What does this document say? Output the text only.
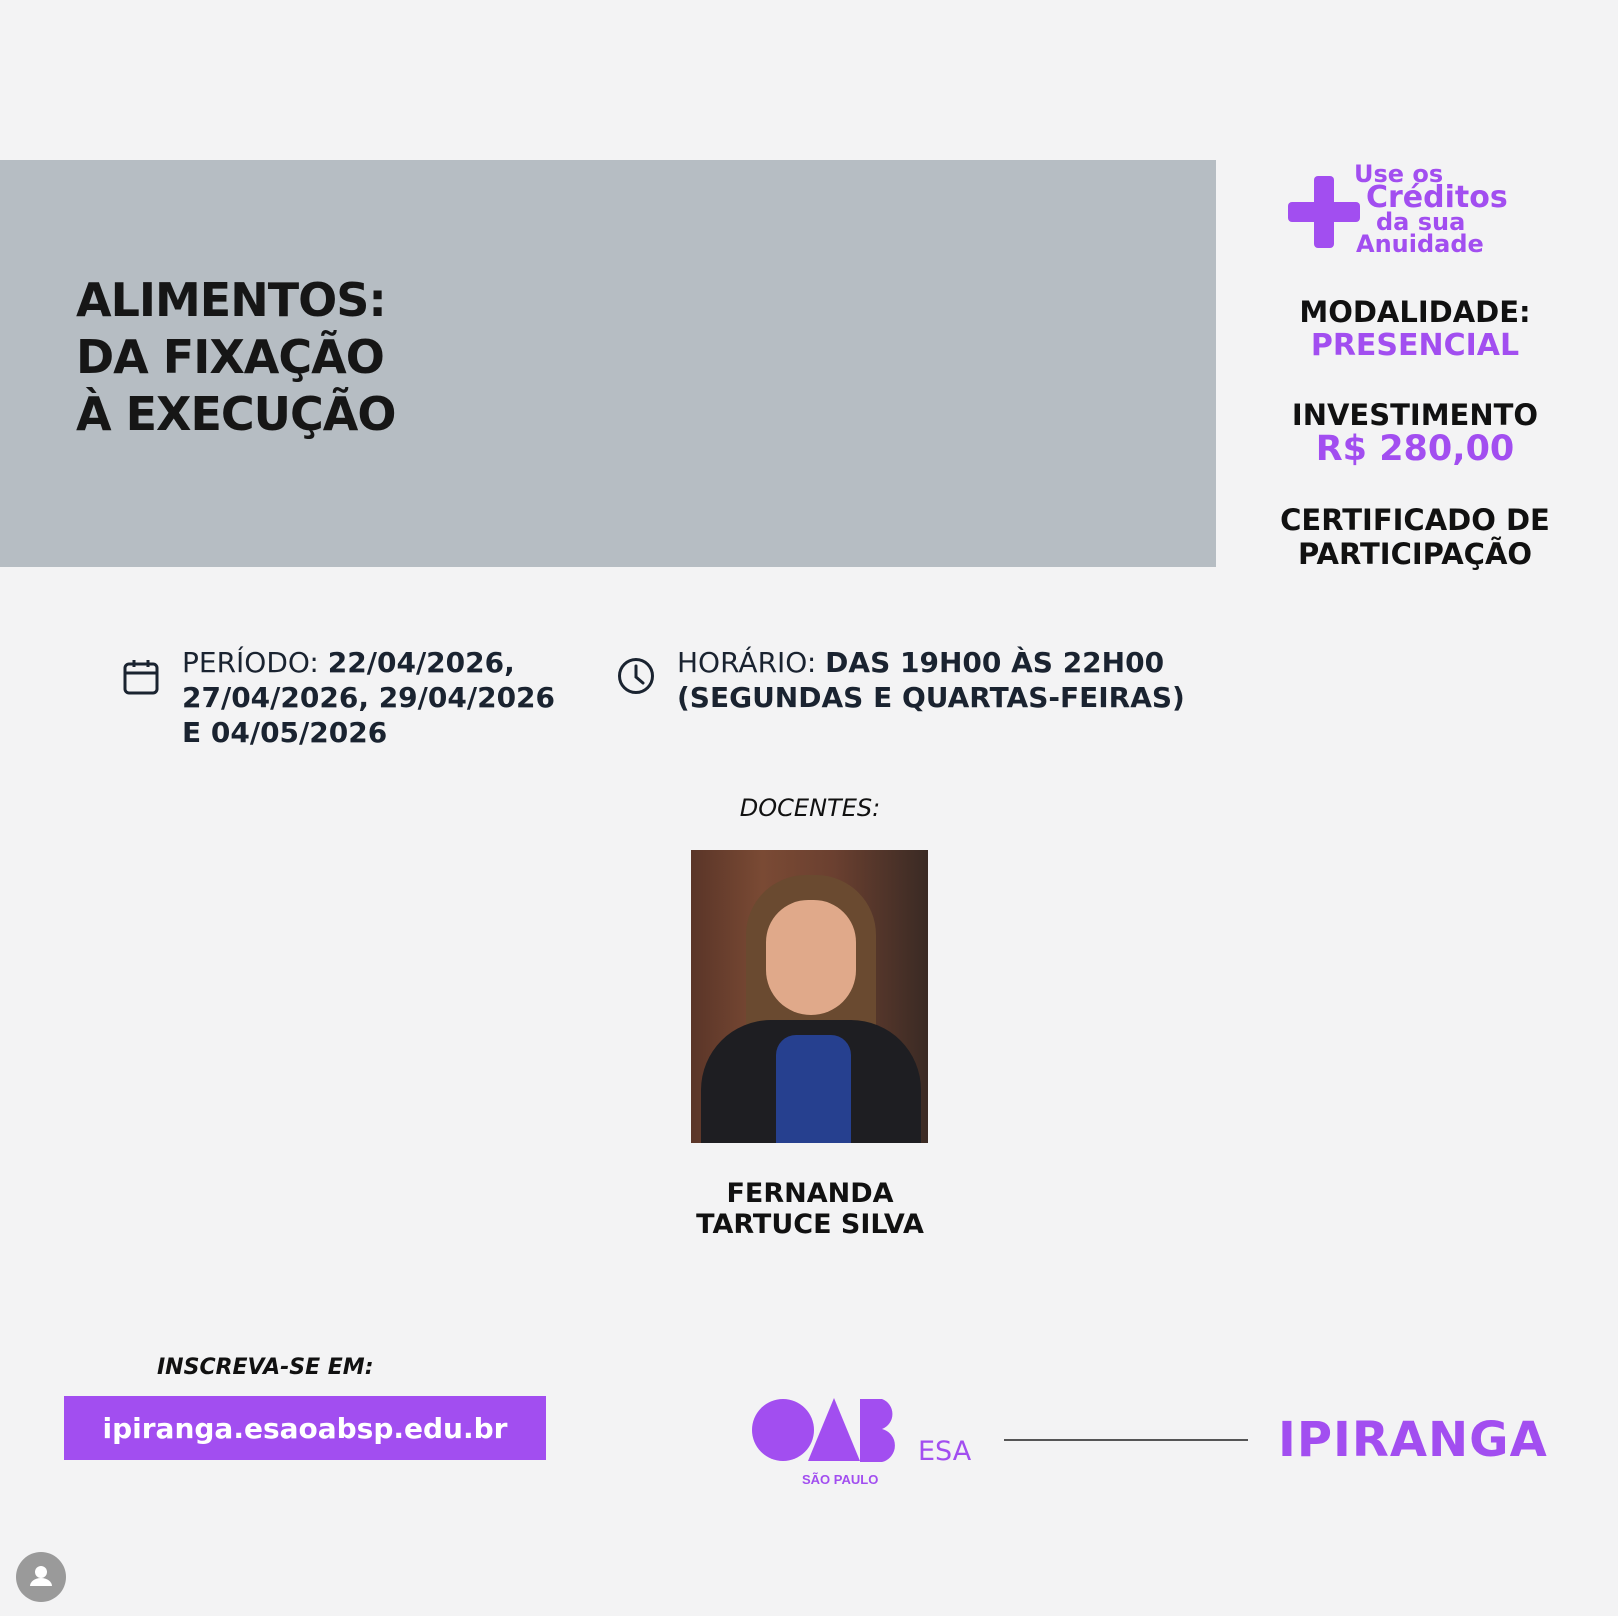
ALIMENTOS:
DA FIXAÇÃO
À EXECUÇÃO
Use os
Créditos
da sua
Anuidade
MODALIDADE:
PRESENCIAL
INVESTIMENTO
R$ 280,00
CERTIFICADO DE
PARTICIPAÇÃO
PERÍODO: 22/04/2026,
27/04/2026, 29/04/2026
E 04/05/2026
HORÁRIO: DAS 19H00 ÀS 22H00
(SEGUNDAS E QUARTAS-FEIRAS)
DOCENTES:
FERNANDA
TARTUCE SILVA
INSCREVA-SE EM:
ipiranga.esaoabsp.edu.br
SÃO PAULO
ESA	IPIRANGA
